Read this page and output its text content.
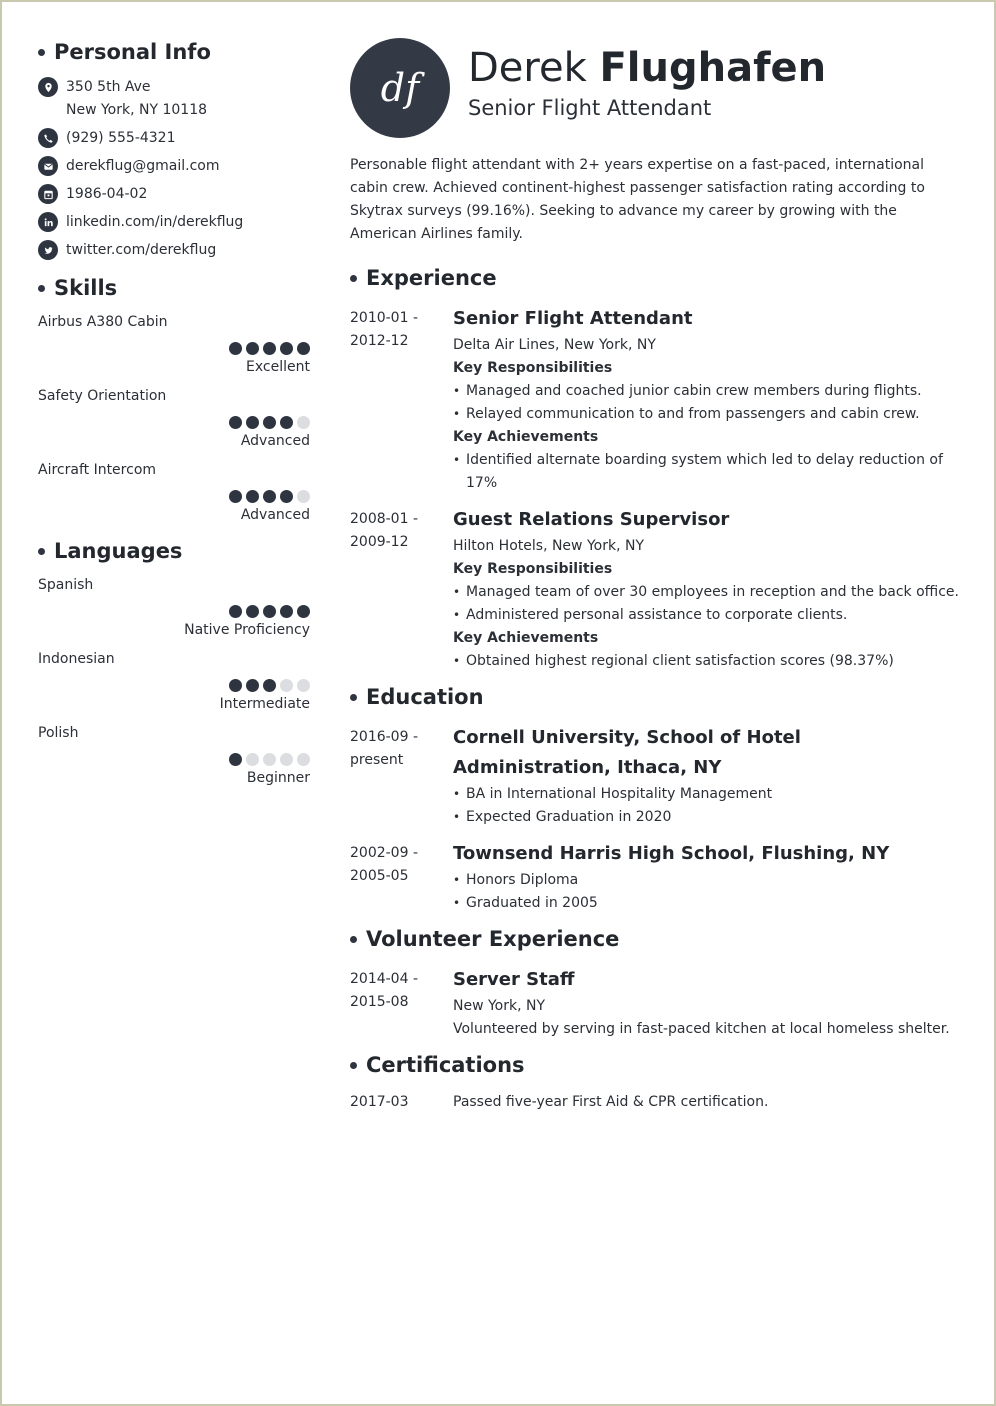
Personal Info
350 5th Ave
New York, NY 10118
(929) 555-4321
derekflug@gmail.com
1986-04-02
linkedin.com/in/derekflug
twitter.com/derekflug
Skills
Airbus A380 Cabin
Excellent
Safety Orientation
Advanced
Aircraft Intercom
Advanced
Languages
Spanish
Native Proficiency
Indonesian
Intermediate
Polish
Beginner
df	Derek Flughafen
Senior Flight Attendant
Personable flight attendant with 2+ years expertise on a fast-paced, international cabin crew. Achieved continent-highest passenger satisfaction rating according to Skytrax surveys (99.16%). Seeking to advance my career by growing with the American Airlines family.
Experience
2010-01 -
2012-12
Senior Flight Attendant
Delta Air Lines, New York, NY
Key Responsibilities
• Managed and coached junior cabin crew members during flights.
• Relayed communication to and from passengers and cabin crew.
Key Achievements
• Identified alternate boarding system which led to delay reduction of 17%
2008-01 -
2009-12
Guest Relations Supervisor
Hilton Hotels, New York, NY
Key Responsibilities
• Managed team of over 30 employees in reception and the back office.
• Administered personal assistance to corporate clients.
Key Achievements
• Obtained highest regional client satisfaction scores (98.37%)
Education
2016-09 -
present
Cornell University, School of Hotel Administration, Ithaca, NY
• BA in International Hospitality Management
• Expected Graduation in 2020
2002-09 -
2005-05
Townsend Harris High School, Flushing, NY
• Honors Diploma
• Graduated in 2005
Volunteer Experience
2014-04 -
2015-08
Server Staff
New York, NY
Volunteered by serving in fast-paced kitchen at local homeless shelter.
Certifications
2017-03	Passed five-year First Aid & CPR certification.
